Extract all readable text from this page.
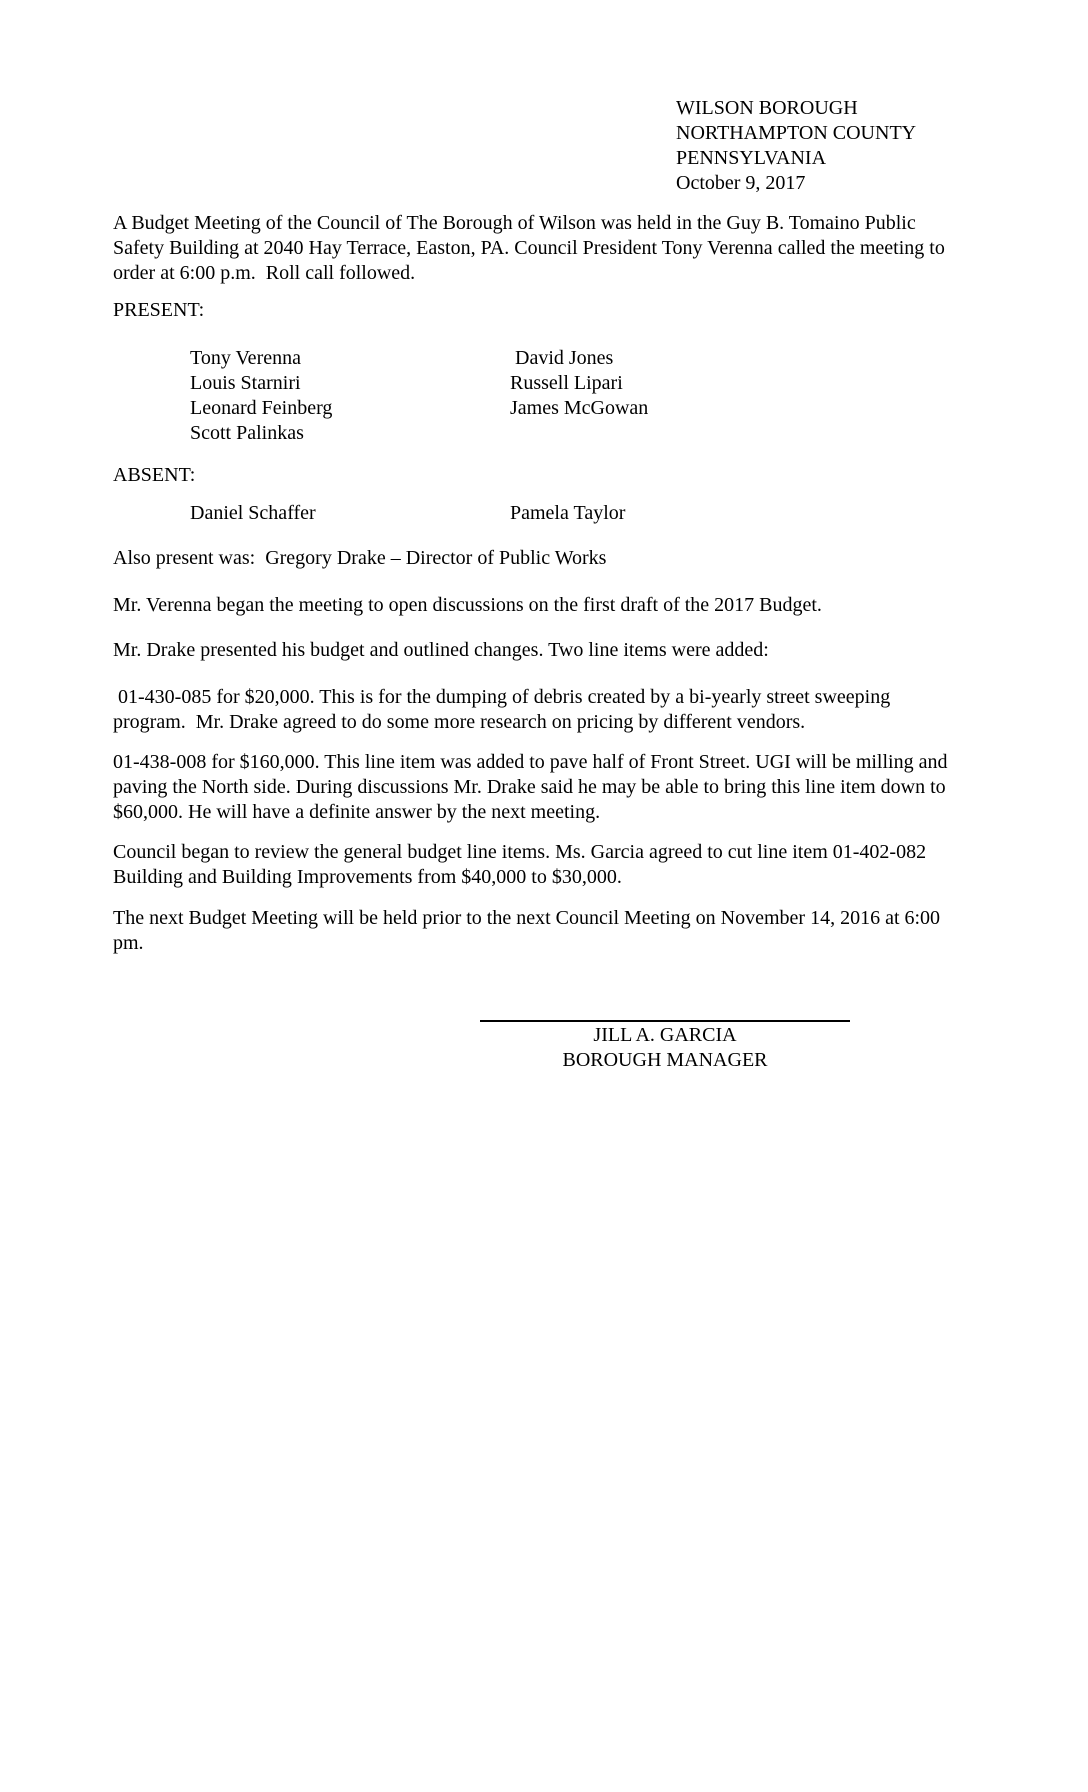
WILSON BOROUGH
NORTHAMPTON COUNTY
PENNSYLVANIA
October 9, 2017

A Budget Meeting of the Council of The Borough of Wilson was held in the Guy B. Tomaino Public Safety Building at 2040 Hay Terrace, Easton, PA. Council President Tony Verenna called the meeting to order at 6:00 p.m.  Roll call followed.

PRESENT:
Tony Verenna	David Jones
Louis Starniri	Russell Lipari
Leonard Feinberg	James McGowan
Scott Palinkas
ABSENT:
Daniel Schaffer	Pamela Taylor

Also present was:  Gregory Drake – Director of Public Works

Mr. Verenna began the meeting to open discussions on the first draft of the 2017 Budget.

Mr. Drake presented his budget and outlined changes. Two line items were added:

01-430-085 for $20,000. This is for the dumping of debris created by a bi-yearly street sweeping program.  Mr. Drake agreed to do some more research on pricing by different vendors.

01-438-008 for $160,000. This line item was added to pave half of Front Street. UGI will be milling and paving the North side. During discussions Mr. Drake said he may be able to bring this line item down to $60,000. He will have a definite answer by the next meeting.

Council began to review the general budget line items. Ms. Garcia agreed to cut line item 01-402-082 Building and Building Improvements from $40,000 to $30,000.

The next Budget Meeting will be held prior to the next Council Meeting on November 14, 2016 at 6:00 pm.

JILL A. GARCIA
BOROUGH MANAGER
